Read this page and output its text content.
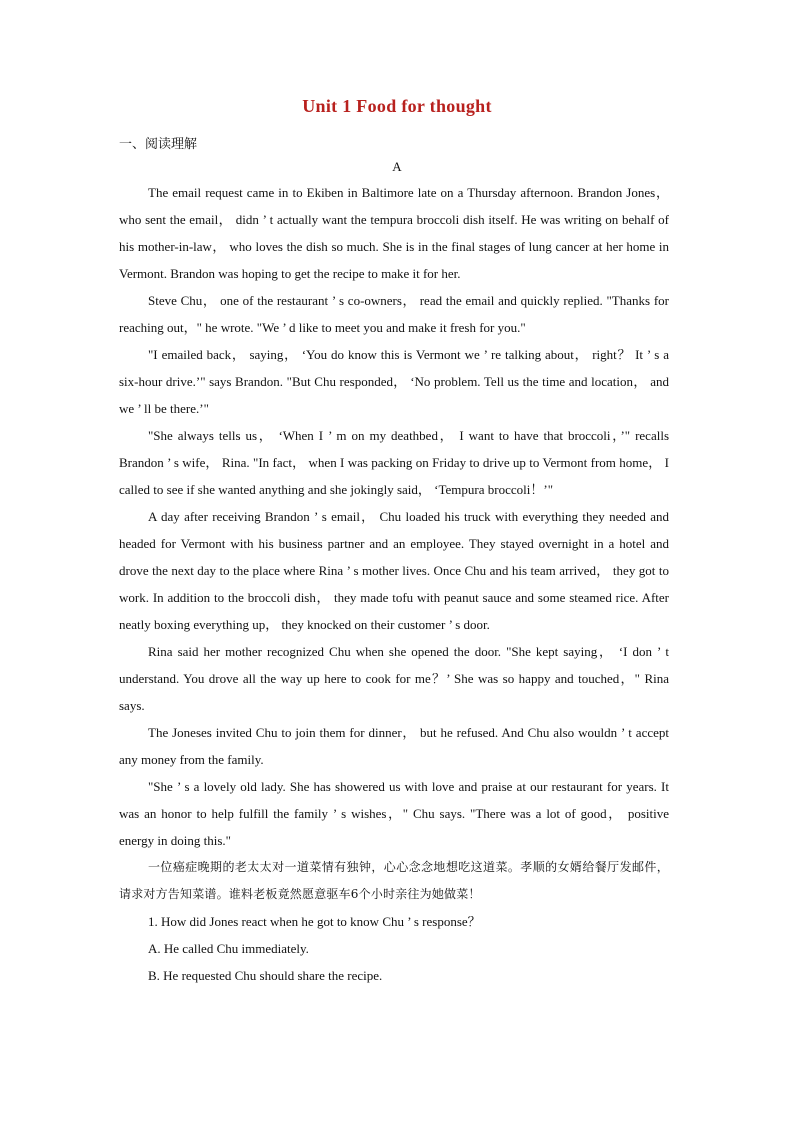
Unit 1 Food for thought
一、阅读理解
A

The email request came in to Ekiben in Baltimore late on a Thursday afternoon. Brandon Jones， who sent the email， didn ’ t actually want the tempura broccoli dish itself. He was writing on behalf of his mother-in-law， who loves the dish so much. She is in the final stages of lung cancer at her home in Vermont. Brandon was hoping to get the recipe to make it for her.

Steve Chu， one of the restaurant ’ s co-owners， read the email and quickly replied. "Thanks for reaching out，" he wrote. "We ’ d like to meet you and make it fresh for you."

"I emailed back， saying， ‘You do know this is Vermont we ’ re talking about， right？ It ’ s a six-hour drive.’" says Brandon. "But Chu responded， ‘No problem. Tell us the time and location， and we ’ ll be there.’"

"She always tells us， ‘When I ’ m on my deathbed， I want to have that broccoli，’" recalls Brandon ’ s wife， Rina. "In fact， when I was packing on Friday to drive up to Vermont from home， I called to see if she wanted anything and she jokingly said， ‘Tempura broccoli！’"

A day after receiving Brandon ’ s email， Chu loaded his truck with everything they needed and headed for Vermont with his business partner and an employee. They stayed overnight in a hotel and drove the next day to the place where Rina ’ s mother lives. Once Chu and his team arrived， they got to work. In addition to the broccoli dish， they made tofu with peanut sauce and some steamed rice. After neatly boxing everything up， they knocked on their customer ’ s door.

Rina said her mother recognized Chu when she opened the door. "She kept saying， ‘I don ’ t understand. You drove all the way up here to cook for me？’ She was so happy and touched，" Rina says.

The Joneses invited Chu to join them for dinner， but he refused. And Chu also wouldn ’ t accept any money from the family.

"She ’ s a lovely old lady. She has showered us with love and praise at our restaurant for years. It was an honor to help fulfill the family ’ s wishes，" Chu says. "There was a lot of good， positive energy in doing this."

一位癌症晚期的老太太对一道菜情有独钟，心心念念地想吃这道菜。孝顺的女婿给餐厅发邮件，请求对方告知菜谱。谁料老板竟然愿意驱车6个小时亲往为她做菜！

1. How did Jones react when he got to know Chu ’ s response？

A. He called Chu immediately.

B. He requested Chu should share the recipe.
